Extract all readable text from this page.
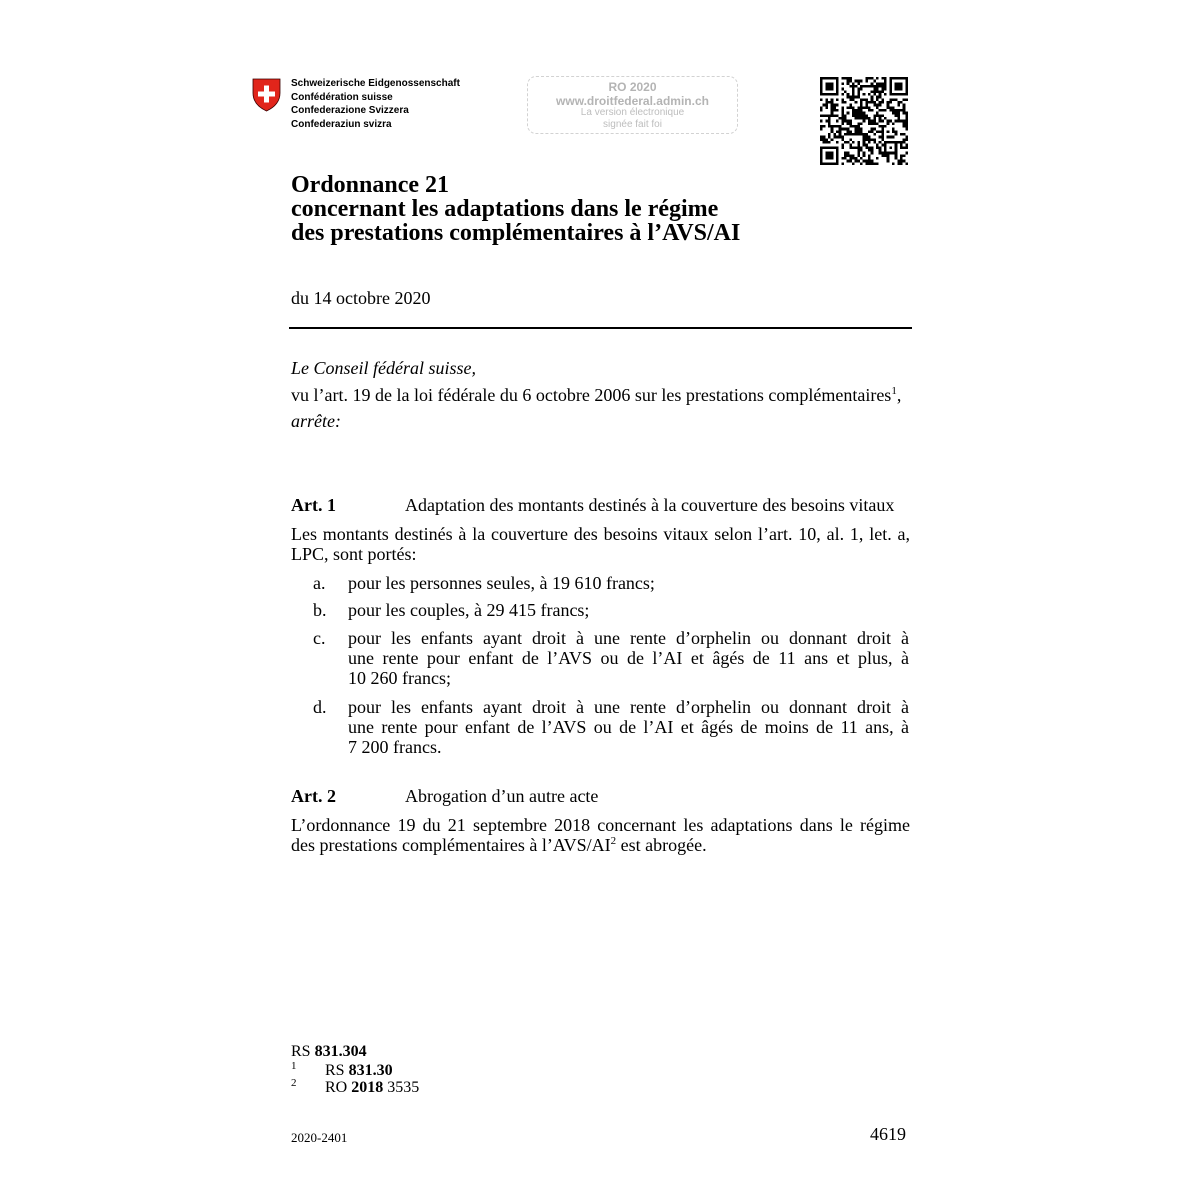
Schweizerische Eidgenossenschaft
Confédération suisse
Confederazione Svizzera
Confederaziun svizra
RO 2020
www.droitfederal.admin.ch
La version électronique
signée fait foi
Ordonnance 21
concernant les adaptations dans le régime
des prestations complémentaires à l’AVS/AI
du 14 octobre 2020
Le Conseil fédéral suisse,
vu l’art. 19 de la loi fédérale du 6 octobre 2006 sur les prestations complémentaires$^1$,
arrête:
Art. 1	Adaptation des montants destinés à la couverture des besoins vitaux
Les montants destinés à la couverture des besoins vitaux selon l’art. 10, al. 1, let. a,
LPC, sont portés:
a. pour les personnes seules, à 19 610 francs;
b. pour les couples, à 29 415 francs;
c. pour les enfants ayant droit à une rente d’orphelin ou donnant droit à
une rente pour enfant de l’AVS ou de l’AI et âgés de 11 ans et plus, à
10 260 francs;
d. pour les enfants ayant droit à une rente d’orphelin ou donnant droit à
une rente pour enfant de l’AVS ou de l’AI et âgés de moins de 11 ans, à
7 200 francs.
Art. 2	Abrogation d’un autre acte
L’ordonnance 19 du 21 septembre 2018 concernant les adaptations dans le régime
des prestations complémentaires à l’AVS/AI$^2$ est abrogée.
RS 831.304
1 RS 831.30
2 RO 2018 3535
2020-2401	4619
